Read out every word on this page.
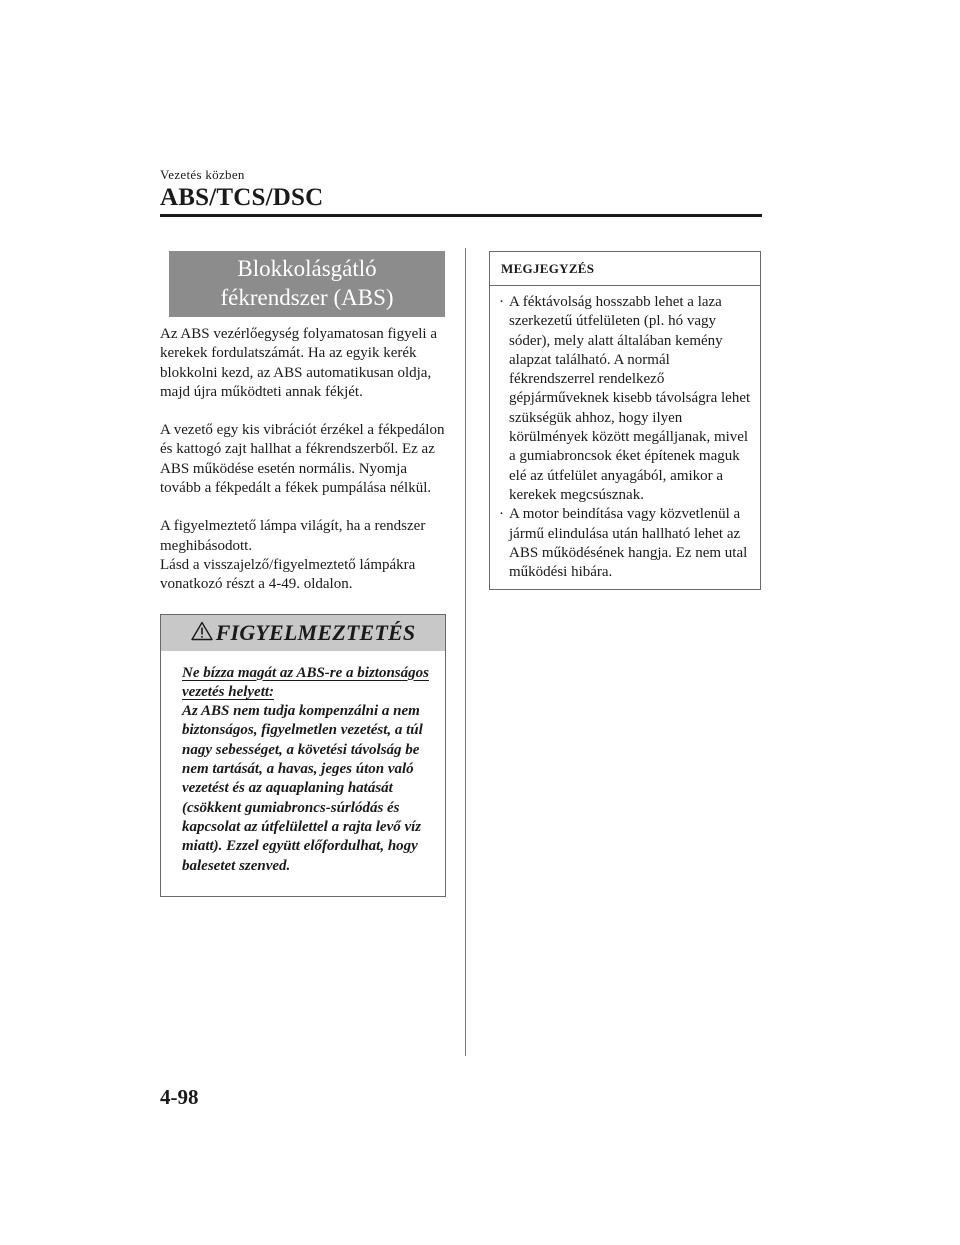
Vezetés közben
ABS/TCS/DSC
Blokkolásgátló
fékrendszer (ABS)

Az ABS vezérlőegység folyamatosan figyeli a kerekek fordulatszámát. Ha az egyik kerék blokkolni kezd, az ABS automatikusan oldja, majd újra működteti annak fékjét.

A vezető egy kis vibrációt érzékel a fékpedálon és kattogó zajt hallhat a fékrendszerből. Ez az ABS működése esetén normális. Nyomja tovább a fékpedált a fékek pumpálása nélkül.

A figyelmeztető lámpa világít, ha a rendszer meghibásodott.
Lásd a visszajelző/figyelmeztető lámpákra vonatkozó részt a 4-49. oldalon.

FIGYELMEZTETÉS
Ne bízza magát az ABS-re a biztonságos vezetés helyett:
Az ABS nem tudja kompenzálni a nem biztonságos, figyelmetlen vezetést, a túl nagy sebességet, a követési távolság be nem tartását, a havas, jeges úton való vezetést és az aquaplaning hatását (csökkent gumiabroncs-súrlódás és kapcsolat az útfelülettel a rajta levő víz miatt). Ezzel együtt előfordulhat, hogy balesetet szenved.
MEGJEGYZÉS
· A féktávolság hosszabb lehet a laza szerkezetű útfelületen (pl. hó vagy sóder), mely alatt általában kemény alapzat található. A normál fékrendszerrel rendelkező gépjárműveknek kisebb távolságra lehet szükségük ahhoz, hogy ilyen körülmények között megálljanak, mivel a gumiabroncsok éket építenek maguk elé az útfelület anyagából, amikor a kerekek megcsúsznak.
· A motor beindítása vagy közvetlenül a jármű elindulása után hallható lehet az ABS működésének hangja. Ez nem utal működési hibára.
4-98
